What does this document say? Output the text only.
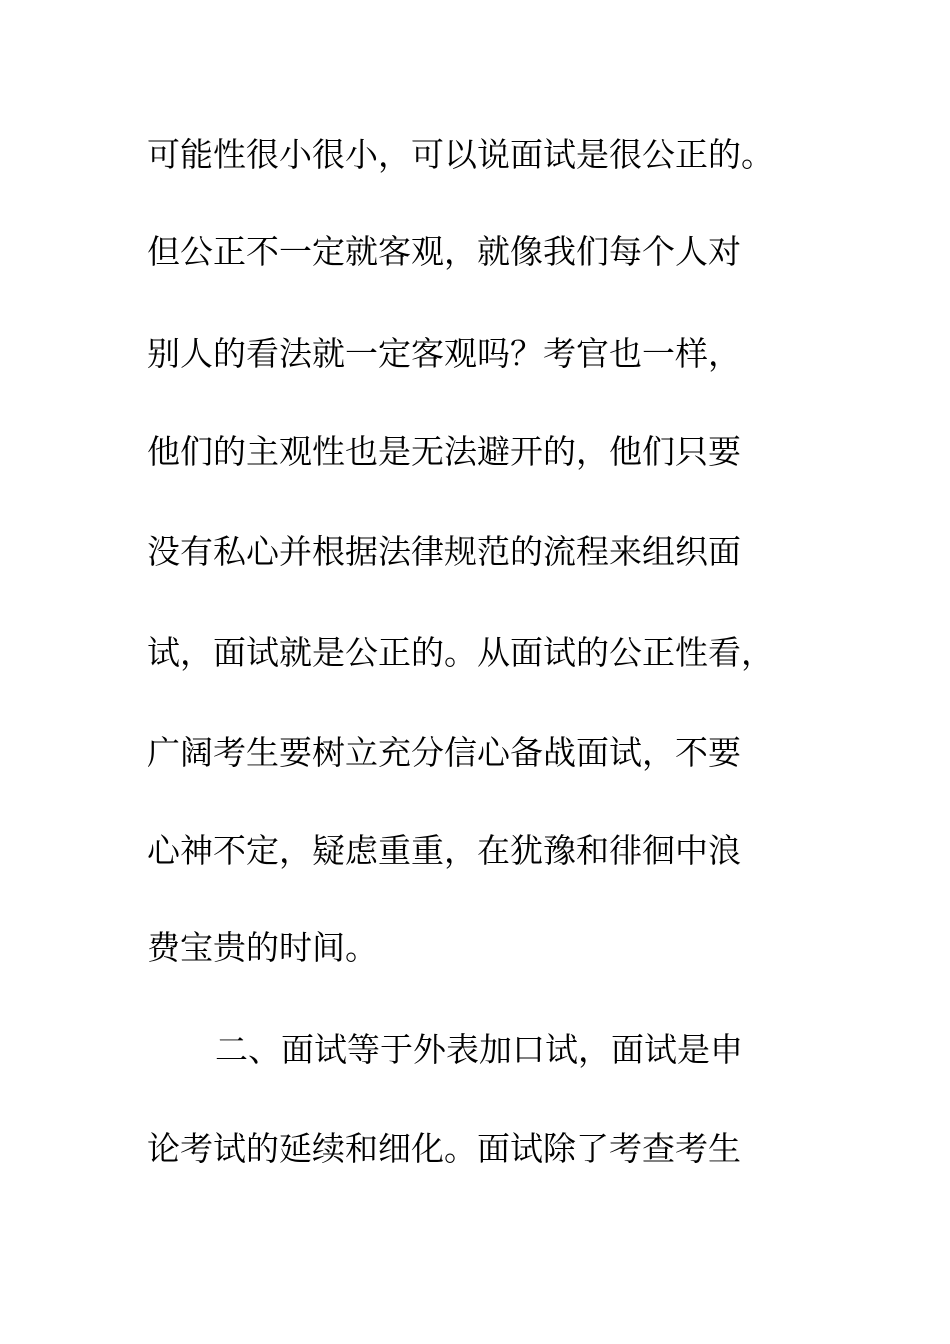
可能性很小很小，可以说面试是很公正的。
但公正不一定就客观，就像我们每个人对
别人的看法就一定客观吗？考官也一样，
他们的主观性也是无法避开的，他们只要
没有私心并根据法律规范的流程来组织面
试，面试就是公正的。从面试的公正性看，
广阔考生要树立充分信心备战面试，不要
心神不定，疑虑重重，在犹豫和徘徊中浪
费宝贵的时间。
二、面试等于外表加口试，面试是申
论考试的延续和细化。面试除了考查考生
